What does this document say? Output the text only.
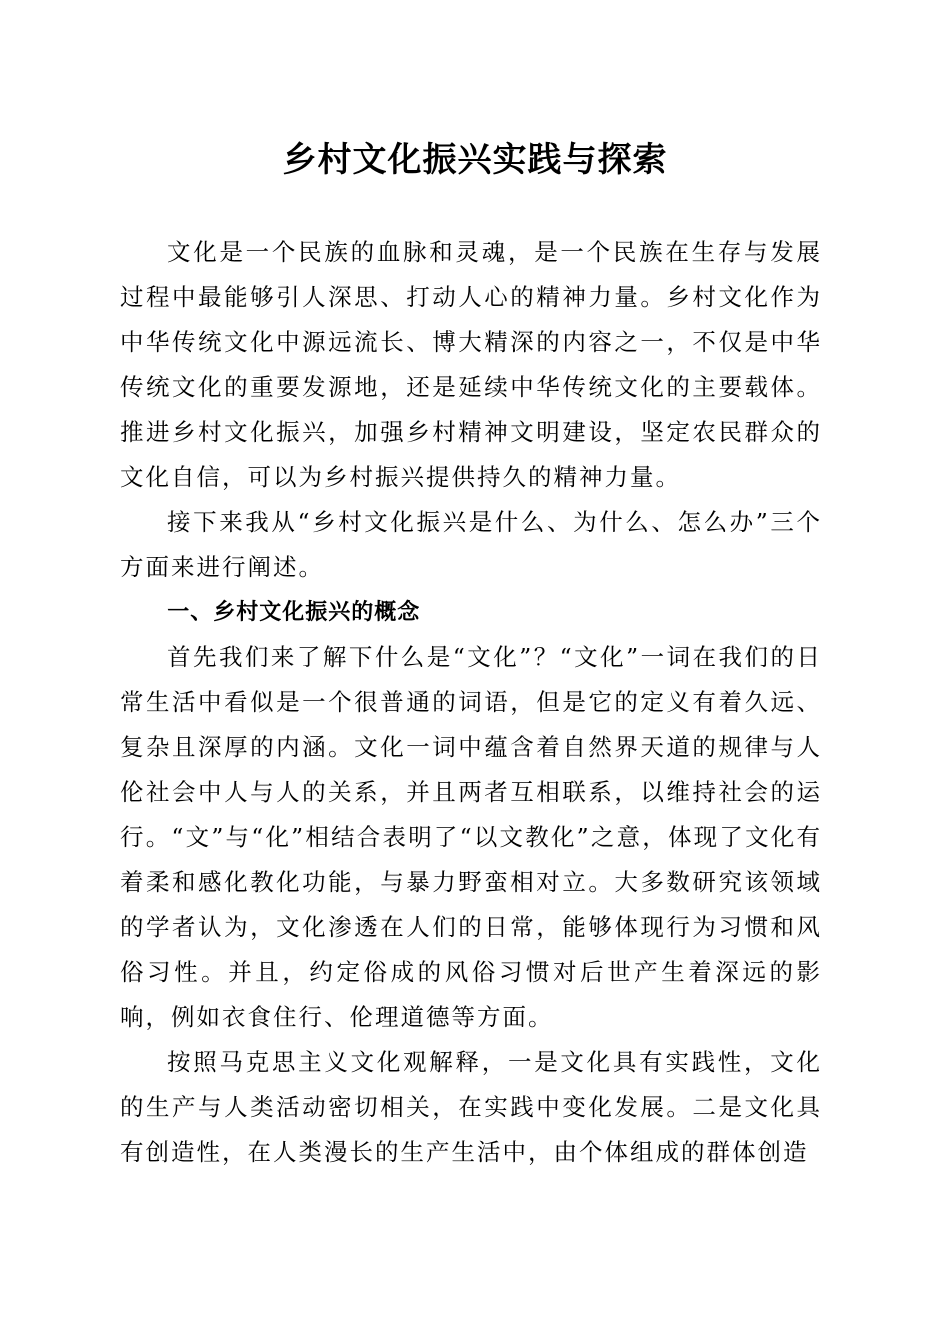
乡村文化振兴实践与探索

文化是一个民族的血脉和灵魂，是一个民族在生存与发展过程中最能够引人深思、打动人心的精神力量。乡村文化作为中华传统文化中源远流长、博大精深的内容之一，不仅是中华传统文化的重要发源地，还是延续中华传统文化的主要载体。推进乡村文化振兴，加强乡村精神文明建设，坚定农民群众的文化自信，可以为乡村振兴提供持久的精神力量。

接下来我从“乡村文化振兴是什么、为什么、怎么办”三个方面来进行阐述。

一、乡村文化振兴的概念

首先我们来了解下什么是“文化”？“文化”一词在我们的日常生活中看似是一个很普通的词语，但是它的定义有着久远、复杂且深厚的内涵。文化一词中蕴含着自然界天道的规律与人伦社会中人与人的关系，并且两者互相联系，以维持社会的运行。“文”与“化”相结合表明了“以文教化”之意，体现了文化有着柔和感化教化功能，与暴力野蛮相对立。大多数研究该领域的学者认为，文化渗透在人们的日常，能够体现行为习惯和风俗习性。并且，约定俗成的风俗习惯对后世产生着深远的影响，例如衣食住行、伦理道德等方面。

按照马克思主义文化观解释，一是文化具有实践性，文化的生产与人类活动密切相关，在实践中变化发展。二是文化具有创造性，在人类漫长的生产生活中，由个体组成的群体创造
